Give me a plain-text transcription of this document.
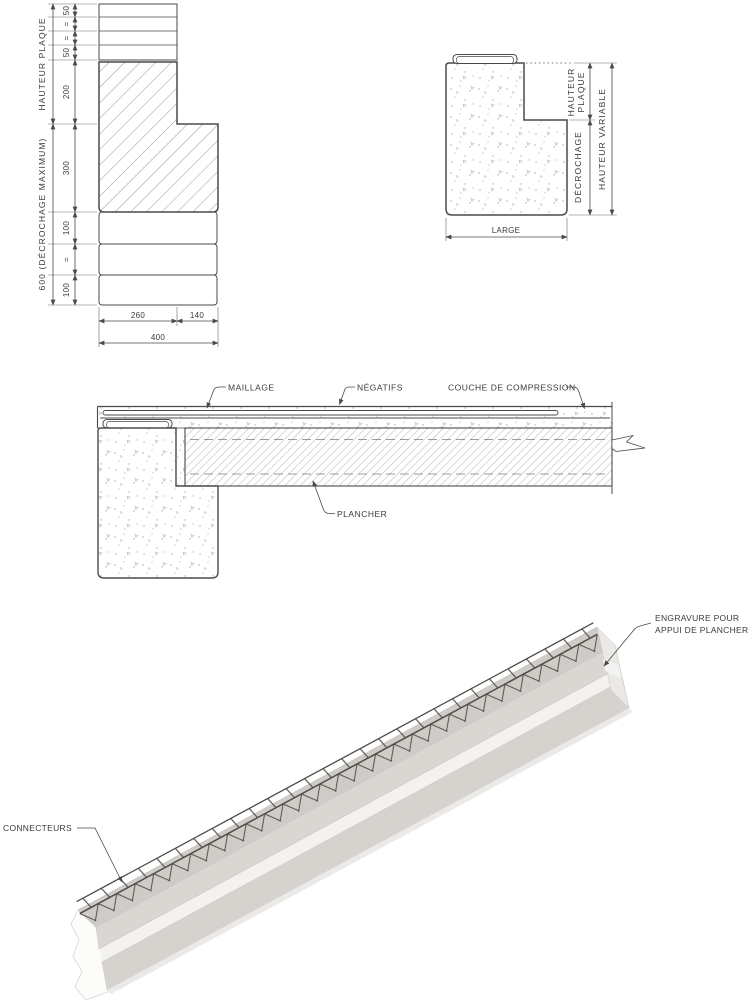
50
=
=
50
200
300
100
=
100
HAUTEUR PLAQUE
600 (DÉCROCHAGE MAXIMUM)
260	140
400
HAUTEUR PLAQUE
DÉCROCHAGE HAUTEUR VARIABLE
LARGE
MAILLAGE	NÉGATIFS	COUCHE DE COMPRESSION
PLANCHER
CONNECTEURS
ENGRAVURE POUR
APPUI DE PLANCHER
